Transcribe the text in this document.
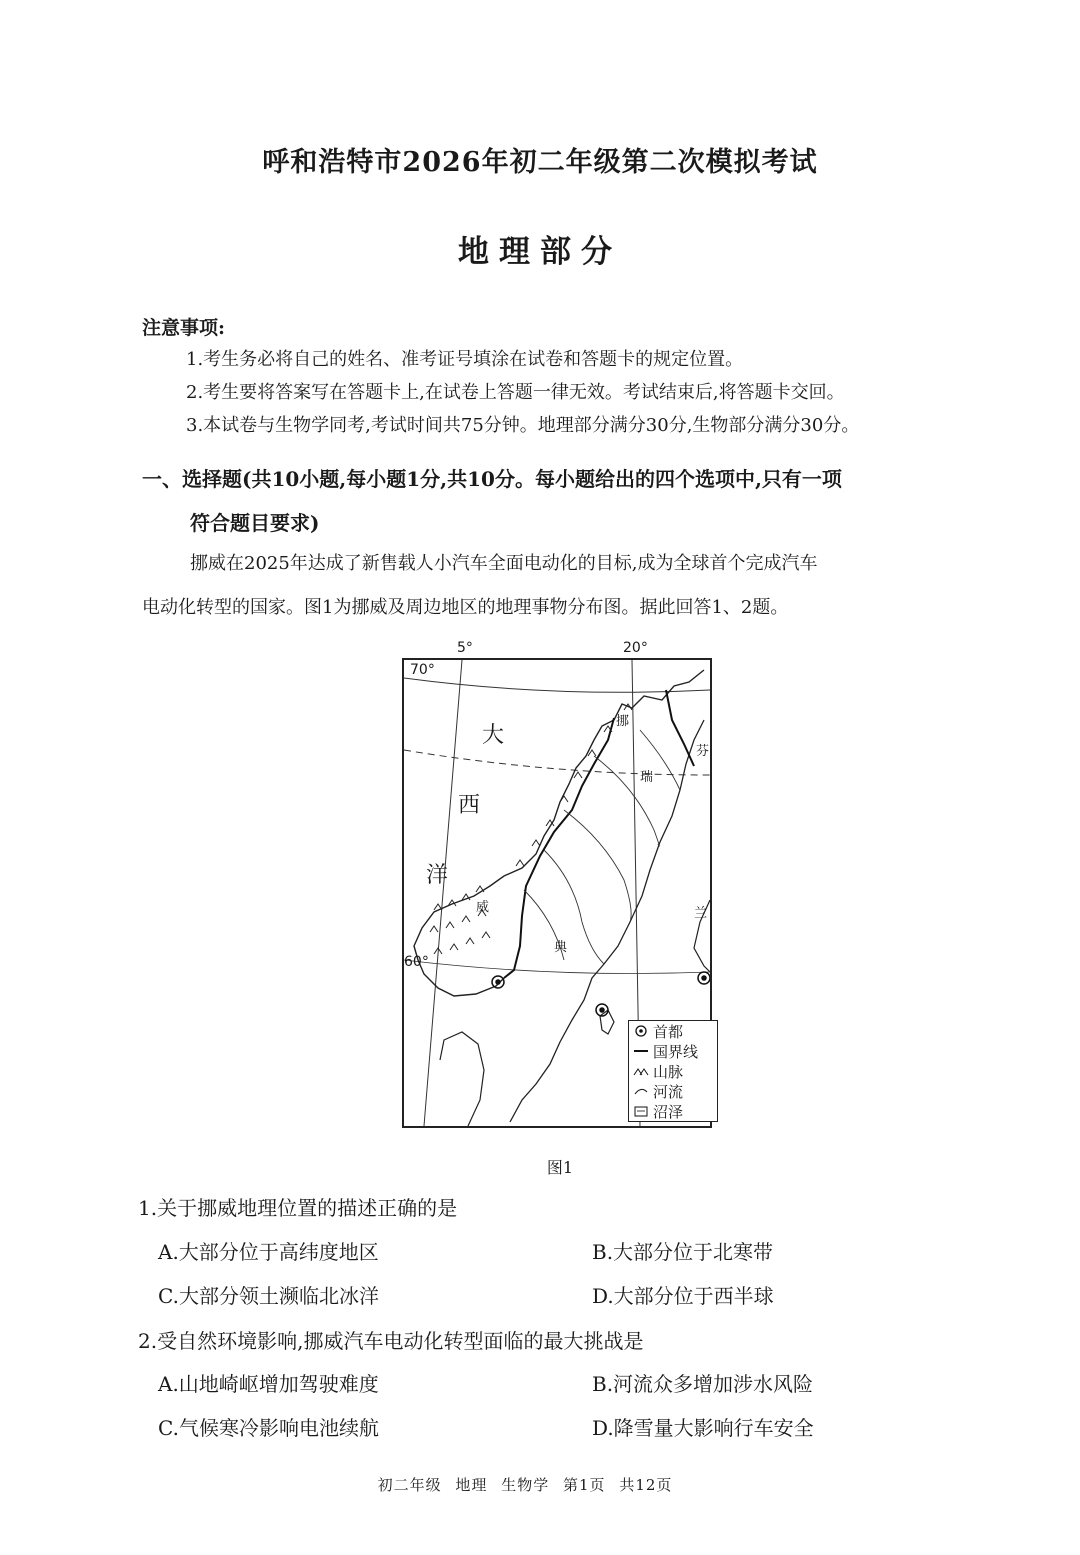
呼和浩特市2026年初二年级第二次模拟考试
地理部分
注意事项:
1.考生务必将自己的姓名、准考证号填涂在试卷和答题卡的规定位置。
2.考生要将答案写在答题卡上,在试卷上答题一律无效。考试结束后,将答题卡交回。
3.本试卷与生物学同考,考试时间共75分钟。地理部分满分30分,生物部分满分30分。
一、选择题(共10小题,每小题1分,共10分。每小题给出的四个选项中,只有一项
符合题目要求)
挪威在2025年达成了新售载人小汽车全面电动化的目标,成为全球首个完成汽车
电动化转型的国家。图1为挪威及周边地区的地理事物分布图。据此回答1、2题。
5°	20°
70°
60°
大
西
洋
挪
威
瑞
典
芬
兰
首都
国界线
山脉
河流
沼泽
图1
1.关于挪威地理位置的描述正确的是
A.大部分位于高纬度地区	B.大部分位于北寒带
C.大部分领土濒临北冰洋	D.大部分位于西半球
2.受自然环境影响,挪威汽车电动化转型面临的最大挑战是
A.山地崎岖增加驾驶难度	B.河流众多增加涉水风险
C.气候寒冷影响电池续航	D.降雪量大影响行车安全
初二年级 地理 生物学 第1页 共12页
